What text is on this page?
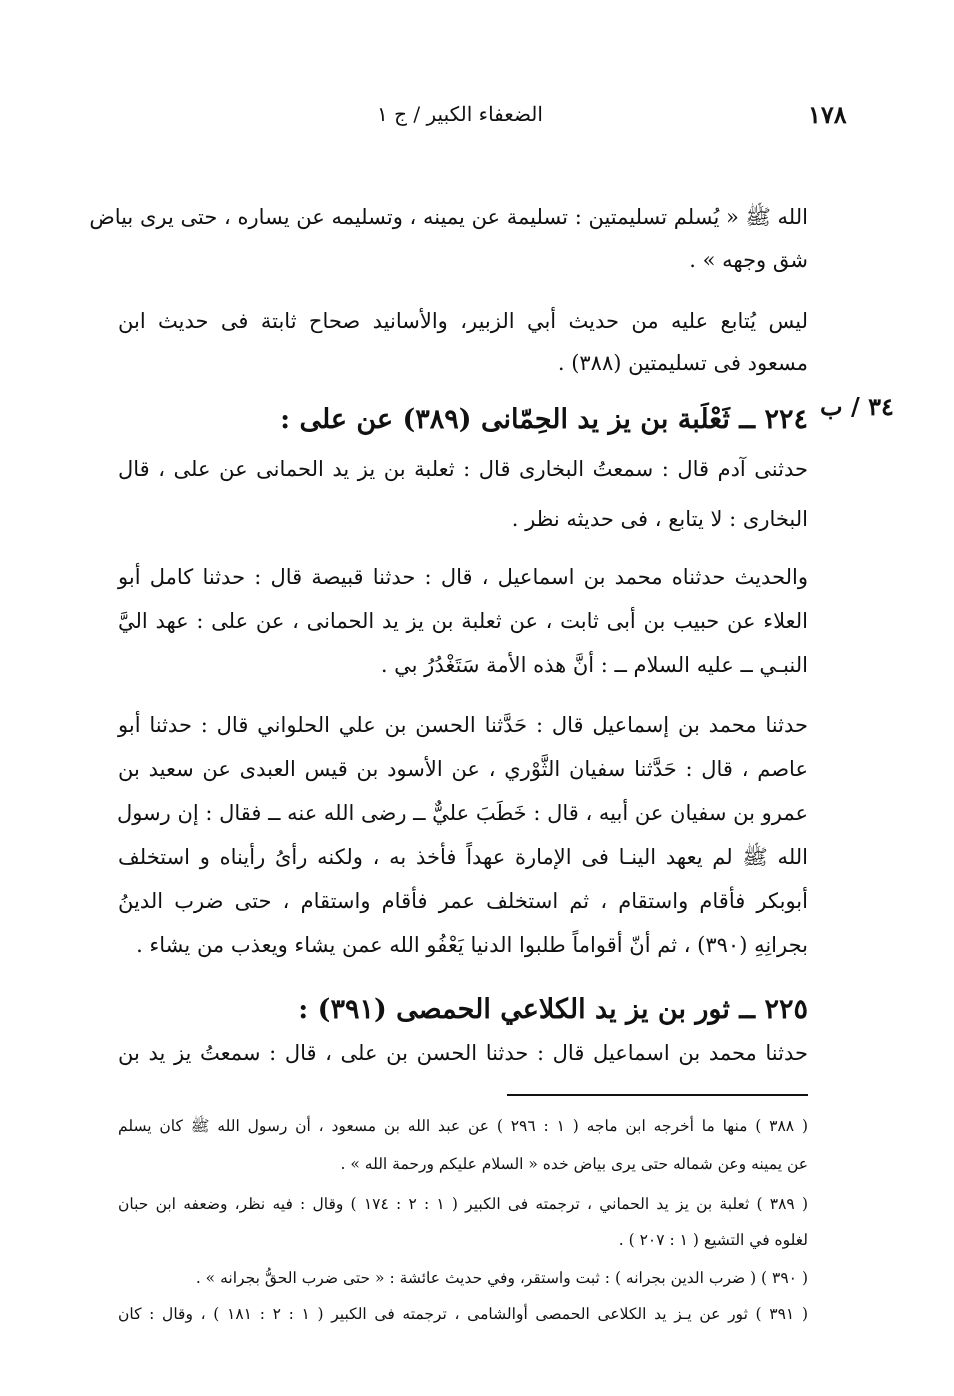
الضعفاء الكبير / ج ١	١٧٨
٣٤ / ب
الله ﷺ « يُسلم تسليمتين : تسليمة عن يمينه ، وتسليمه عن يساره ، حتى يرى بياض
شق وجهه » .
ليس يُتابع عليه من حديث أبي الزبير، والأسانيد صحاح ثابتة فى حديث ابن
مسعود فى تسليمتين (٣٨٨) .
٢٢٤ ــ ثَعْلَبة بن يز يد الحِمّانى (٣٨٩) عن على :
حدثنى آدم قال : سمعتُ البخارى قال : ثعلبة بن يز يد الحمانى عن على ، قال
البخارى : لا يتابع ، فى حديثه نظر .
والحديث حدثناه محمد بن اسماعيل ، قال : حدثنا قبيصة قال : حدثنا كامل أبو
العلاء عن حبيب بن أبى ثابت ، عن ثعلبة بن يز يد الحمانى ، عن على : عهد اليَّ
النبـي ــ عليه السلام ــ : أنَّ هذه الأمة سَتَغْدُرُ بي .
حدثنا محمد بن إسماعيل قال : حَدَّثنا الحسن بن علي الحلواني قال : حدثنا أبو
عاصم ، قال : حَدَّثنا سفيان الثَّوْري ، عن الأسود بن قيس العبدى عن سعيد بن
عمرو بن سفيان عن أبيه ، قال : خَطَبَ عليٌّ ــ رضى الله عنه ــ فقال : إن رسول
الله ﷺ لم يعهد الينـا فى الإمارة عهداً فأخذ به ، ولكنه رأىُ رأيناه و استخلف
أبوبكر فأقام واستقام ، ثم استخلف عمر فأقام واستقام ، حتى ضرب الدينُ
بجرانِهِ (٣٩٠) ، ثم أنّ أقواماً طلبوا الدنيا يَعْفُو الله عمن يشاء ويعذب من يشاء .
٢٢٥ ــ ثور بن يز يد الكلاعي الحمصى (٣٩١) :
حدثنا محمد بن اسماعيل قال : حدثنا الحسن بن على ، قال : سمعتُ يز يد بن
( ٣٨٨ ) منها ما أخرجه ابن ماجه ( ١ : ٢٩٦ ) عن عبد الله بن مسعود ، أن رسول الله ﷺ كان يسلم
عن يمينه وعن شماله حتى يرى بياض خده « السلام عليكم ورحمة الله » .
( ٣٨٩ ) ثعلبة بن يز يد الحماني ، ترجمته فى الكبير ( ١ : ٢ : ١٧٤ ) وقال : فيه نظر، وضعفه ابن حبان
لغلوه في التشيع ( ١ : ٢٠٧ ) .
( ٣٩٠ ) ( ضرب الدين بجرانه ) : ثبت واستقر، وفي حديث عائشة : « حتى ضرب الحقُّ بجرانه » .
( ٣٩١ ) ثور عن يـز يد الكلاعى الحمصى أوالشامى ، ترجمته فى الكبير ( ١ : ٢ : ١٨١ ) ، وقال : كان
